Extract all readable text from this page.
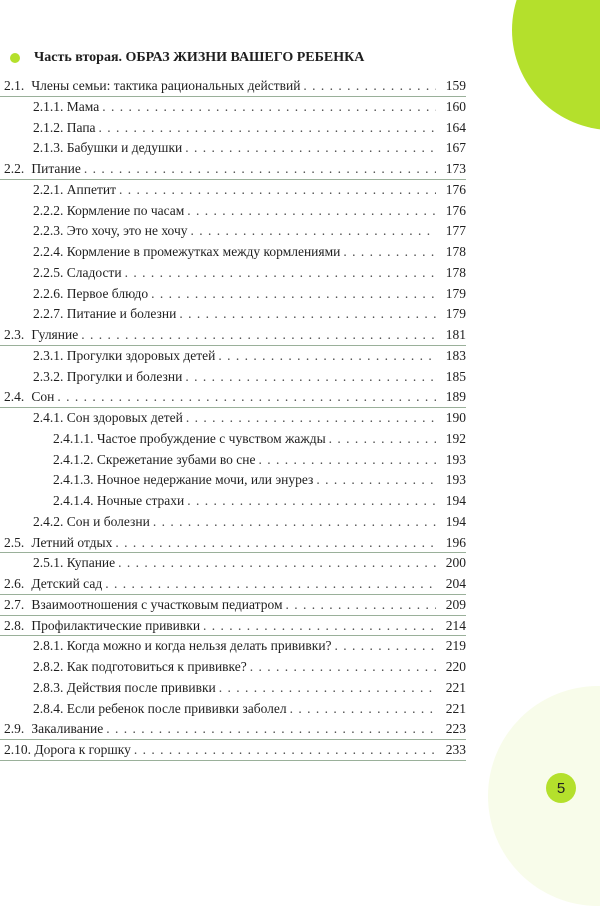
Часть вторая. ОБРАЗ ЖИЗНИ ВАШЕГО РЕБЕНКА
2.1. Члены семьи: тактика рациональных действий . . .	159
2.1.1. Мама . . .	160
2.1.2. Папа . . .	164
2.1.3. Бабушки и дедушки . . .	167
2.2. Питание . . .	173
2.2.1. Аппетит . . .	176
2.2.2. Кормление по часам . . .	176
2.2.3. Это хочу, это не хочу . . .	177
2.2.4. Кормление в промежутках между кормлениями . . .	178
2.2.5. Сладости . . .	178
2.2.6. Первое блюдо . . .	179
2.2.7. Питание и болезни . . .	179
2.3. Гуляние . . .	181
2.3.1. Прогулки здоровых детей . . .	183
2.3.2. Прогулки и болезни . . .	185
2.4. Сон . . .	189
2.4.1. Сон здоровых детей . . .	190
2.4.1.1. Частое пробуждение с чувством жажды . . .	192
2.4.1.2. Скрежетание зубами во сне . . .	193
2.4.1.3. Ночное недержание мочи, или энурез . . .	193
2.4.1.4. Ночные страхи . . .	194
2.4.2. Сон и болезни . . .	194
2.5. Летний отдых . . .	196
2.5.1. Купание . . .	200
2.6. Детский сад . . .	204
2.7. Взаимоотношения с участковым педиатром . . .	209
2.8. Профилактические прививки . . .	214
2.8.1. Когда можно и когда нельзя делать прививки? . . .	219
2.8.2. Как подготовиться к прививке? . . .	220
2.8.3. Действия после прививки . . .	221
2.8.4. Если ребенок после прививки заболел . . .	221
2.9. Закаливание . . .	223
2.10. Дорога к горшку . . .	233
5
